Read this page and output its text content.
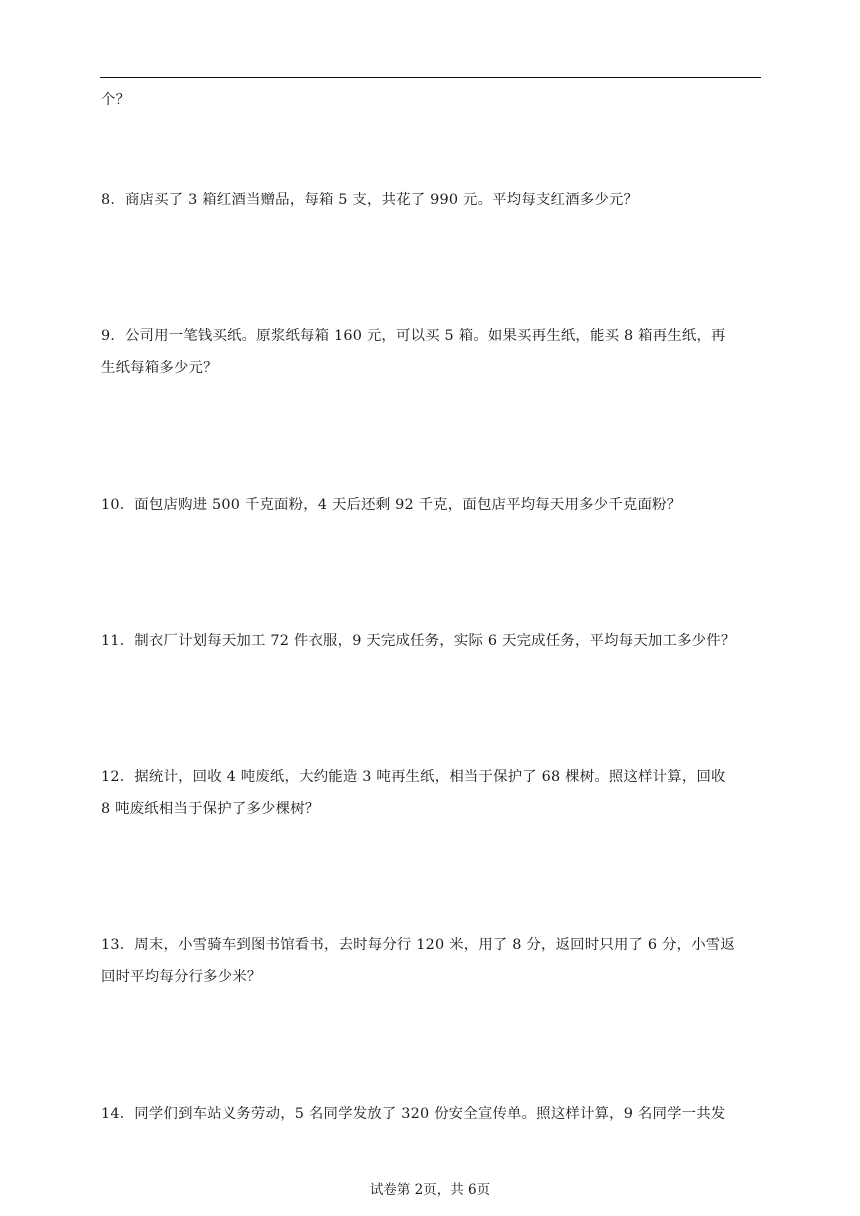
个？
8．商店买了 3 箱红酒当赠品，每箱 5 支，共花了 990 元。平均每支红酒多少元？
9．公司用一笔钱买纸。原浆纸每箱 160 元，可以买 5 箱。如果买再生纸，能买 8 箱再生纸，再
生纸每箱多少元？
10．面包店购进 500 千克面粉，4 天后还剩 92 千克，面包店平均每天用多少千克面粉？
11．制衣厂计划每天加工 72 件衣服，9 天完成任务，实际 6 天完成任务，平均每天加工多少件？
12．据统计，回收 4 吨废纸，大约能造 3 吨再生纸，相当于保护了 68 棵树。照这样计算，回收
8 吨废纸相当于保护了多少棵树？
13．周末，小雪骑车到图书馆看书，去时每分行 120 米，用了 8 分，返回时只用了 6 分，小雪返
回时平均每分行多少米？
14．同学们到车站义务劳动，5 名同学发放了 320 份安全宣传单。照这样计算，9 名同学一共发
试卷第 2页，共 6页
